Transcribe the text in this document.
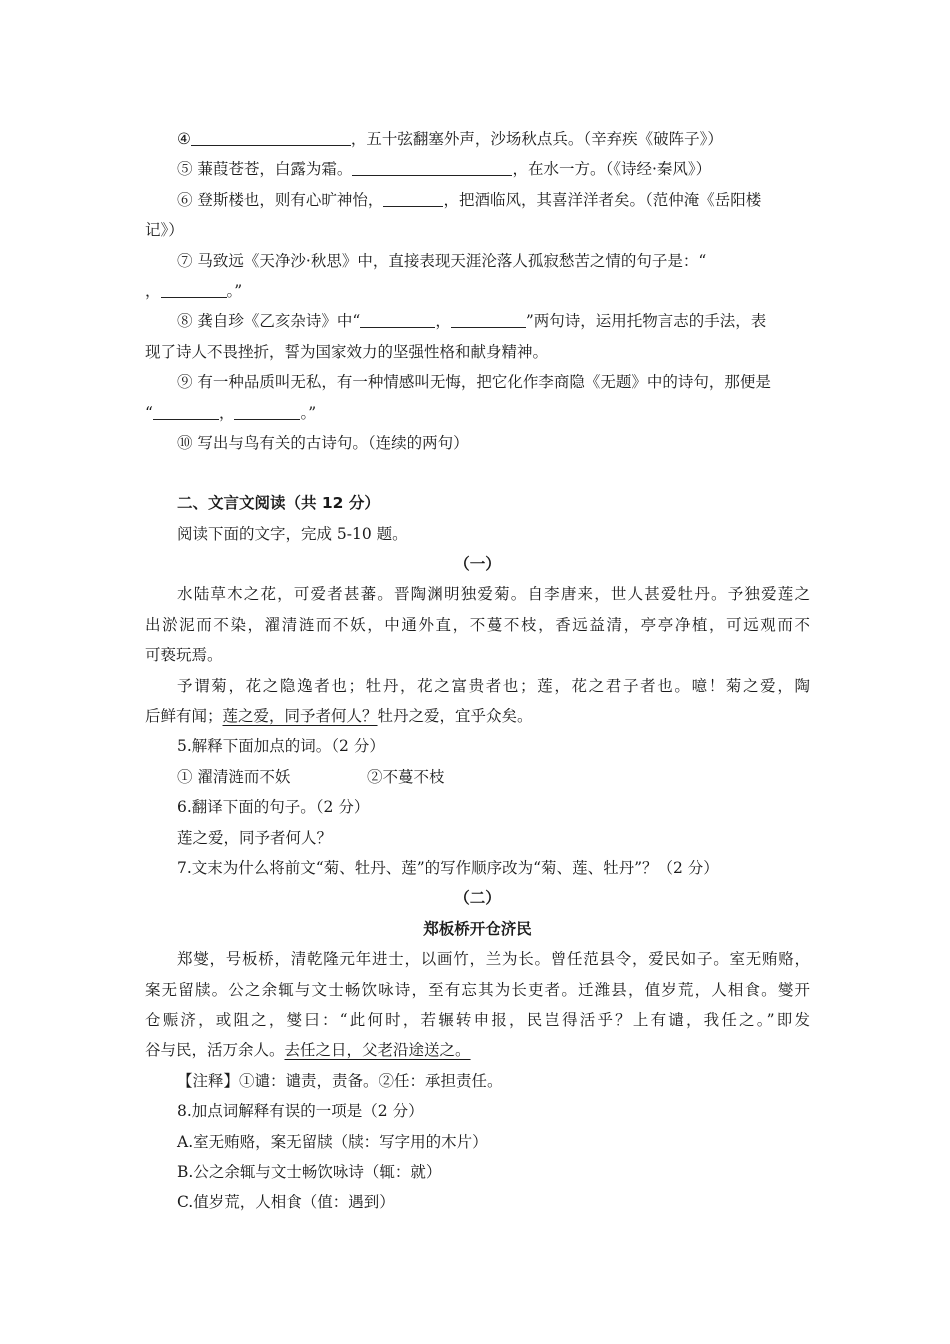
④	，五十弦翻塞外声，沙场秋点兵。（辛弃疾《破阵子》）
⑤ 蒹葭苍苍，白露为霜。	，在水一方。（《诗经·秦风》）
⑥ 登斯楼也，则有心旷神怡，	，把酒临风，其喜洋洋者矣。（范仲淹《岳阳楼
记》）
⑦ 马致远《天净沙·秋思》中，直接表现天涯沦落人孤寂愁苦之情的句子是：“
，	。”
⑧ 龚自珍《乙亥杂诗》中“	，	”两句诗，运用托物言志的手法，表
现了诗人不畏挫折，誓为国家效力的坚强性格和献身精神。
⑨ 有一种品质叫无私，有一种情感叫无悔，把它化作李商隐《无题》中的诗句，那便是
“	，	。”
⑩ 写出与鸟有关的古诗句。（连续的两句）
二、文言文阅读（共 12 分）
阅读下面的文字，完成 5-10 题。
（一）
水陆草木之花，可爱者甚蕃。晋陶渊明独爱菊。自李唐来，世人甚爱牡丹。予独爱莲之
出淤泥而不染，濯清涟而不妖，中通外直，不蔓不枝，香远益清，亭亭净植，可远观而不
可亵玩焉。
予谓菊，花之隐逸者也；牡丹，花之富贵者也；莲，花之君子者也。噫！菊之爱，陶
后鲜有闻；莲之爱，同予者何人？牡丹之爱，宜乎众矣。
5.解释下面加点的词。（2 分）
① 濯清涟而不妖	②不蔓不枝
6.翻译下面的句子。（2 分）
莲之爱，同予者何人？
7.文末为什么将前文“菊、牡丹、莲”的写作顺序改为“菊、莲、牡丹”？（2 分）
（二）
郑板桥开仓济民
郑燮，号板桥，清乾隆元年进士，以画竹，兰为长。曾任范县令，爱民如子。室无贿赂，
案无留牍。公之余辄与文士畅饮咏诗，至有忘其为长吏者。迁潍县，值岁荒，人相食。燮开
仓赈济，或阻之，燮曰：“此何时，若辗转申报，民岂得活乎？上有谴，我任之。”即发
谷与民，活万余人。去任之日，父老沿途送之。
【注释】①谴：谴责，责备。②任：承担责任。
8.加点词解释有误的一项是（2 分）
A.室无贿赂，案无留牍（牍：写字用的木片）
B.公之余辄与文士畅饮咏诗（辄：就）
C.值岁荒，人相食（值：遇到）
